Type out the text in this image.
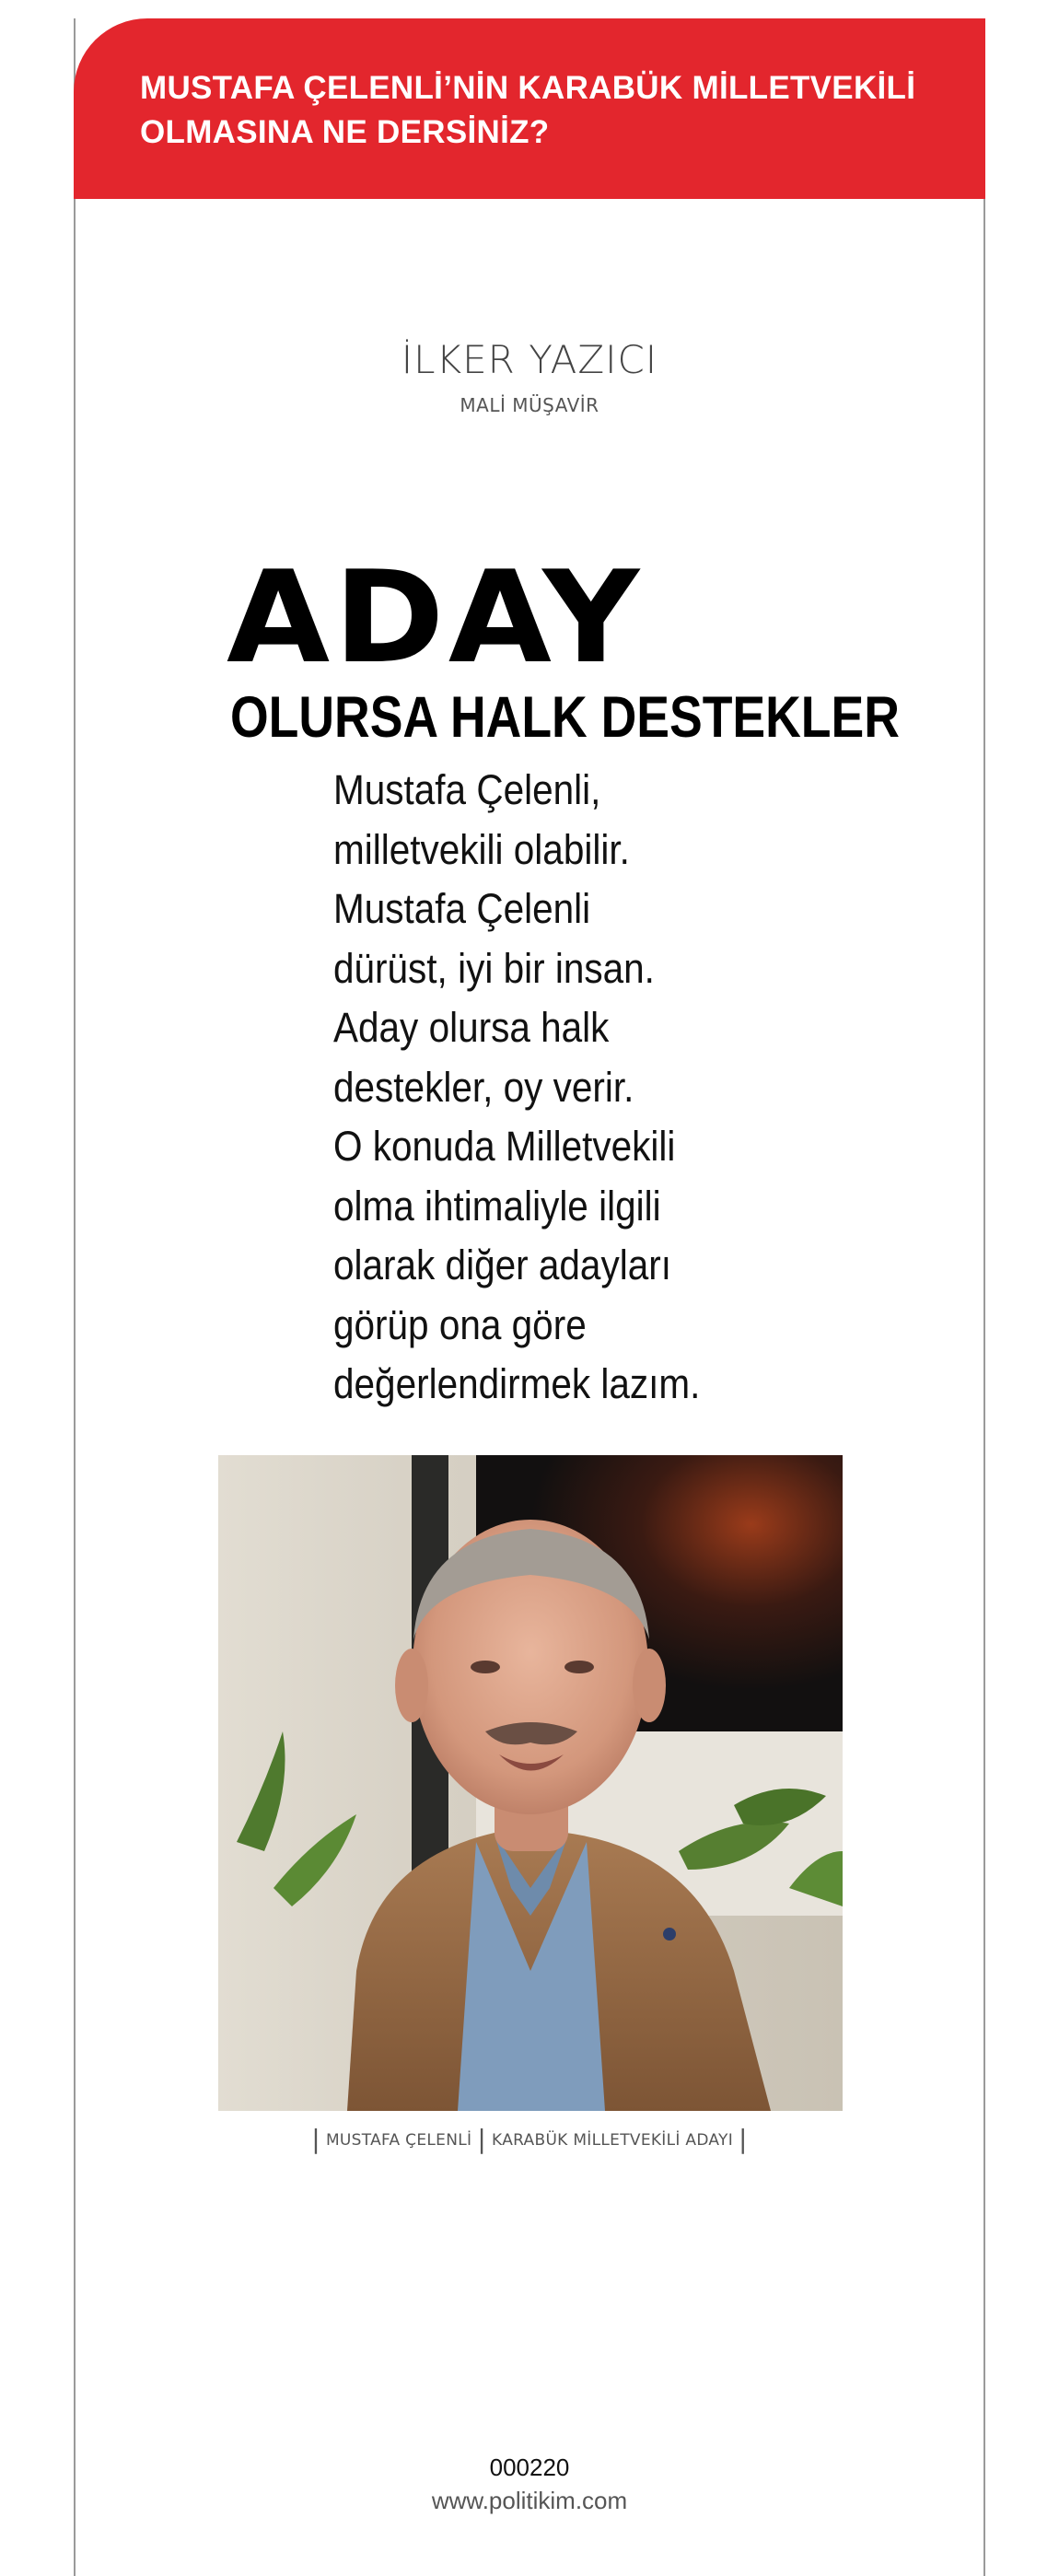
MUSTAFA ÇELENLİ’NİN KARABÜK MİLLETVEKİLİ
OLMASINA NE DERSİNİZ?
İLKER YAZICI
MALİ MÜŞAVİR
ADAY
OLURSA HALK DESTEKLER
Mustafa Çelenli,
milletvekili olabilir.
Mustafa Çelenli
dürüst, iyi bir insan.
Aday olursa halk
destekler, oy verir.
O konuda Milletvekili
olma ihtimaliyle ilgili
olarak diğer adayları
görüp ona göre
değerlendirmek lazım.
| MUSTAFA ÇELENLİ | KARABÜK MİLLETVEKİLİ ADAYI |
000220
www.politikim.com
